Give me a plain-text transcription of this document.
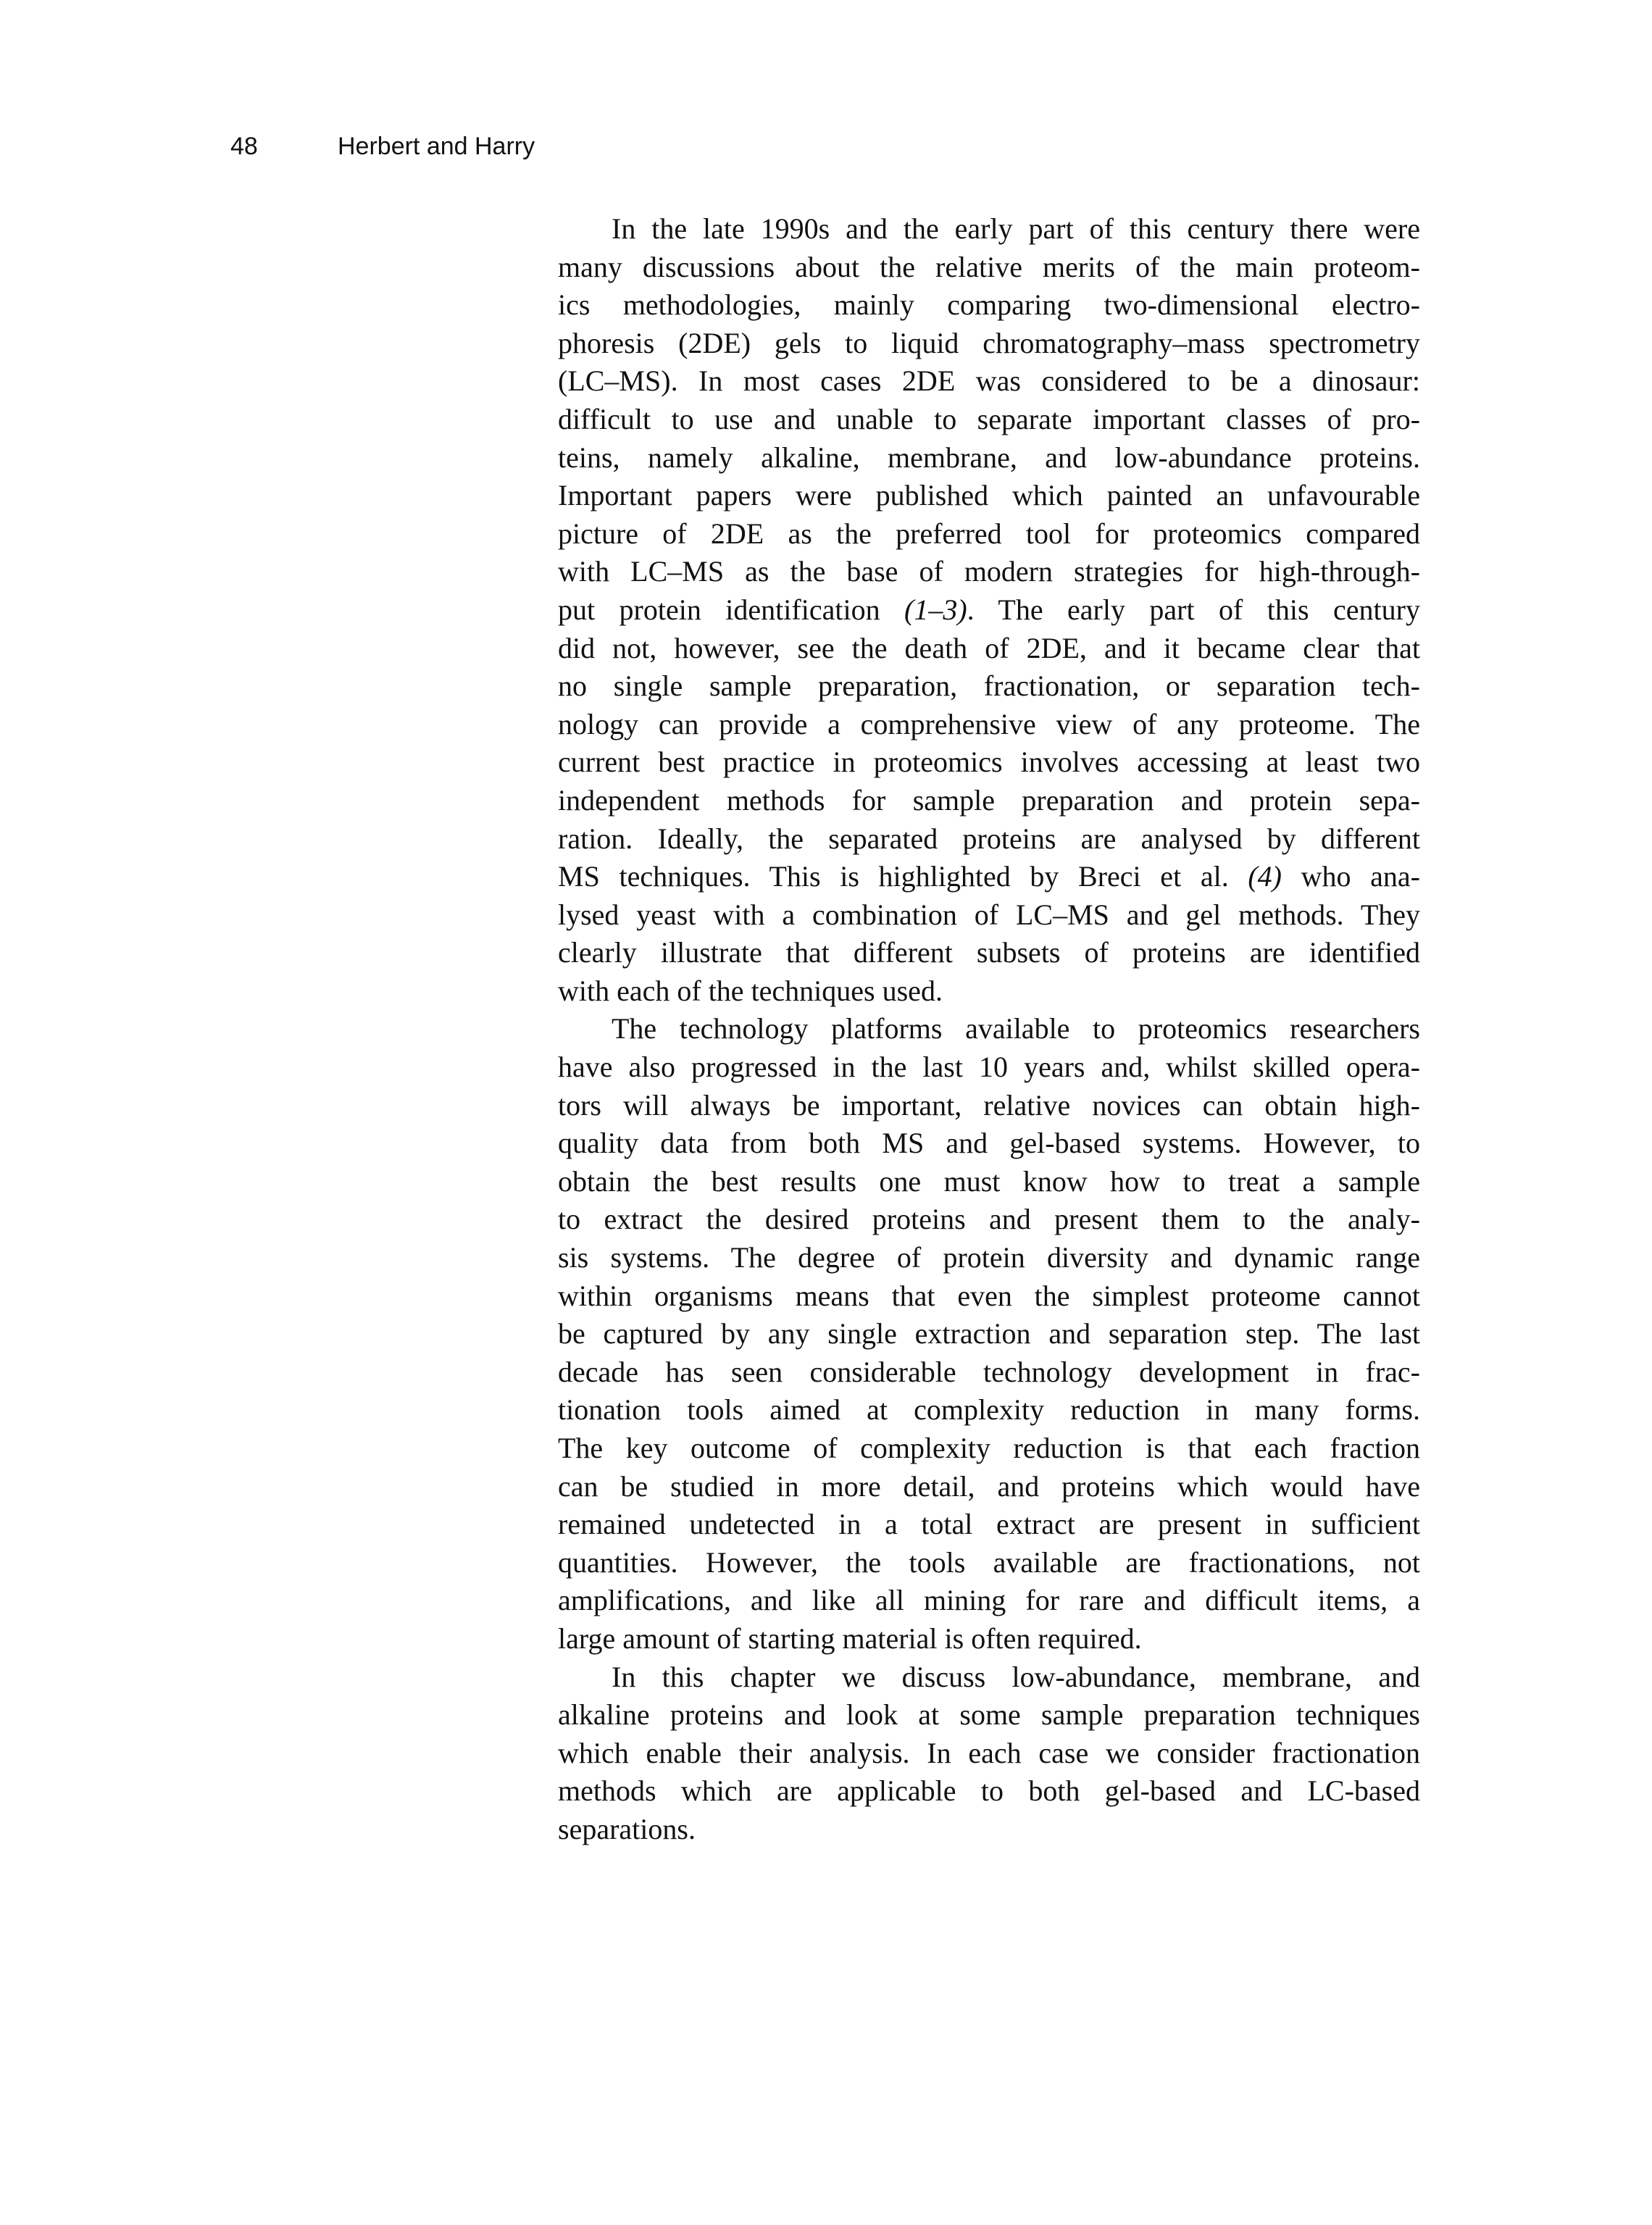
48	Herbert and Harry

In the late 1990s and the early part of this century there were
many discussions about the relative merits of the main proteom-
ics methodologies, mainly comparing two-dimensional electro-
phoresis (2DE) gels to liquid chromatography–mass spectrometry
(LC–MS). In most cases 2DE was considered to be a dinosaur:
difficult to use and unable to separate important classes of pro-
teins, namely alkaline, membrane, and low-abundance proteins.
Important papers were published which painted an unfavourable
picture of 2DE as the preferred tool for proteomics compared
with LC–MS as the base of modern strategies for high-through-
put protein identification (1–3). The early part of this century
did not, however, see the death of 2DE, and it became clear that
no single sample preparation, fractionation, or separation tech-
nology can provide a comprehensive view of any proteome. The
current best practice in proteomics involves accessing at least two
independent methods for sample preparation and protein sepa-
ration. Ideally, the separated proteins are analysed by different
MS techniques. This is highlighted by Breci et al. (4) who ana-
lysed yeast with a combination of LC–MS and gel methods. They
clearly illustrate that different subsets of proteins are identified
with each of the techniques used.

The technology platforms available to proteomics researchers
have also progressed in the last 10 years and, whilst skilled opera-
tors will always be important, relative novices can obtain high-
quality data from both MS and gel-based systems. However, to
obtain the best results one must know how to treat a sample
to extract the desired proteins and present them to the analy-
sis systems. The degree of protein diversity and dynamic range
within organisms means that even the simplest proteome cannot
be captured by any single extraction and separation step. The last
decade has seen considerable technology development in frac-
tionation tools aimed at complexity reduction in many forms.
The key outcome of complexity reduction is that each fraction
can be studied in more detail, and proteins which would have
remained undetected in a total extract are present in sufficient
quantities. However, the tools available are fractionations, not
amplifications, and like all mining for rare and difficult items, a
large amount of starting material is often required.

In this chapter we discuss low-abundance, membrane, and
alkaline proteins and look at some sample preparation techniques
which enable their analysis. In each case we consider fractionation
methods which are applicable to both gel-based and LC-based
separations.
